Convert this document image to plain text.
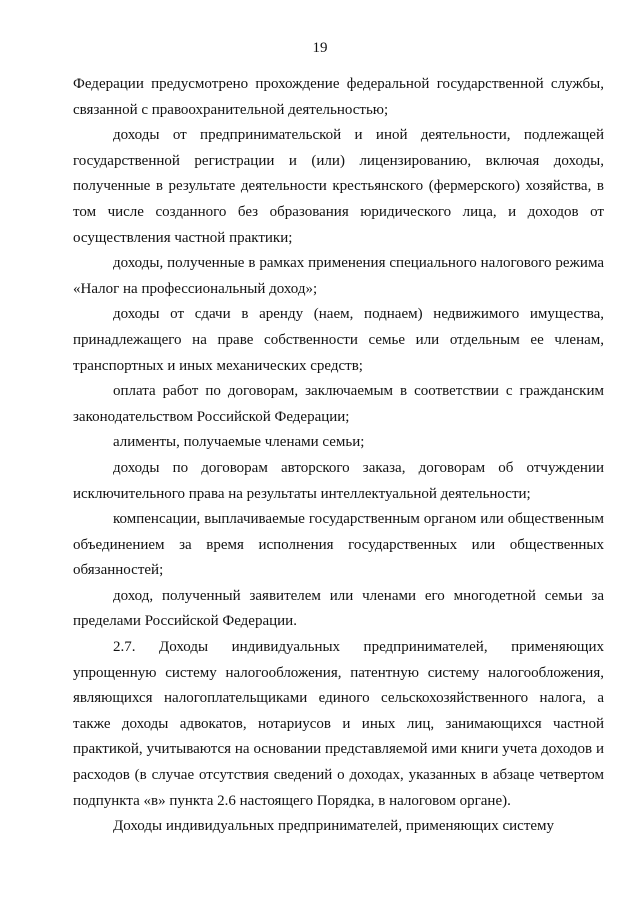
19

Федерации предусмотрено прохождение федеральной государственной службы, связанной с правоохранительной деятельностью;

доходы от предпринимательской и иной деятельности, подлежащей государственной регистрации и (или) лицензированию, включая доходы, полученные в результате деятельности крестьянского (фермерского) хозяйства, в том числе созданного без образования юридического лица, и доходов от осуществления частной практики;

доходы, полученные в рамках применения специального налогового режима «Налог на профессиональный доход»;

доходы от сдачи в аренду (наем, поднаем) недвижимого имущества, принадлежащего на праве собственности семье или отдельным ее членам, транспортных и иных механических средств;

оплата работ по договорам, заключаемым в соответствии с гражданским законодательством Российской Федерации;

алименты, получаемые членами семьи;

доходы по договорам авторского заказа, договорам об отчуждении исключительного права на результаты интеллектуальной деятельности;

компенсации, выплачиваемые государственным органом или общественным объединением за время исполнения государственных или общественных обязанностей;

доход, полученный заявителем или членами его многодетной семьи за пределами Российской Федерации.

2.7. Доходы индивидуальных предпринимателей, применяющих упрощенную систему налогообложения, патентную систему налогообложения, являющихся налогоплательщиками единого сельскохозяйственного налога, а также доходы адвокатов, нотариусов и иных лиц, занимающихся частной практикой, учитываются на основании представляемой ими книги учета доходов и расходов (в случае отсутствия сведений о доходах, указанных в абзаце четвертом подпункта «в» пункта 2.6 настоящего Порядка, в налоговом органе).

Доходы индивидуальных предпринимателей, применяющих систему
